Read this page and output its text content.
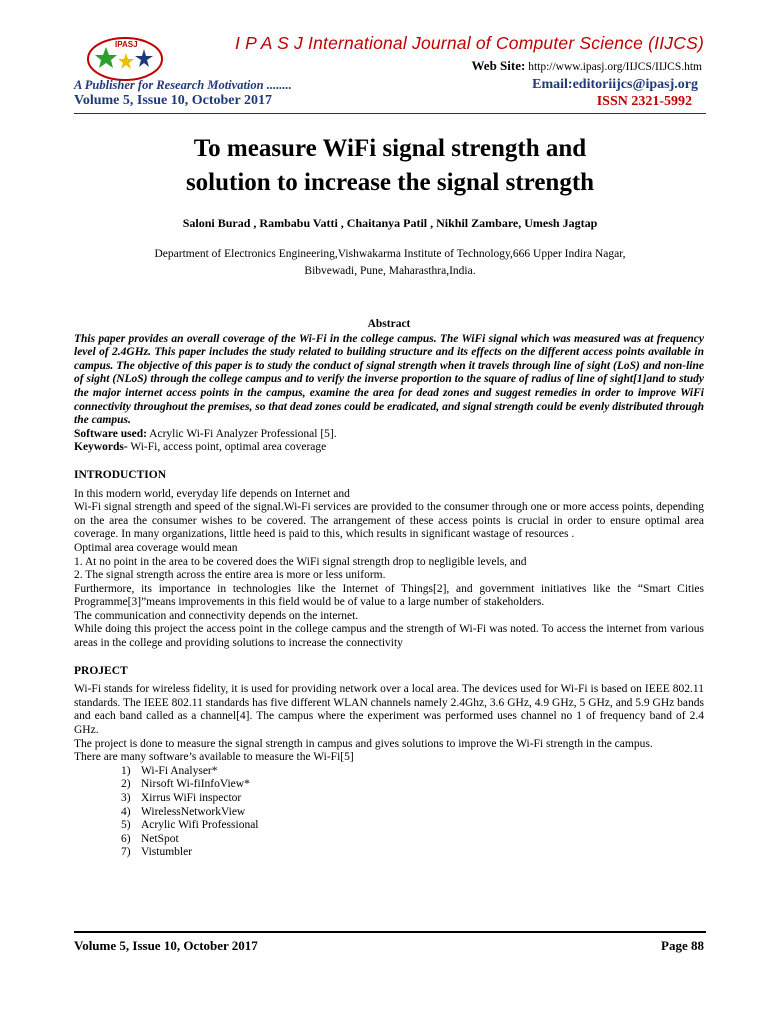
I P A S J International Journal of Computer Science (IIJCS)
IPASJ
Web Site: http://www.ipasj.org/IIJCS/IIJCS.htm
A Publisher for Research Motivation ........	Email:editoriijcs@ipasj.org
Volume 5, Issue 10, October 2017	ISSN 2321-5992
To measure WiFi signal strength and
solution to increase the signal strength
Saloni Burad , Rambabu Vatti , Chaitanya Patil , Nikhil Zambare, Umesh Jagtap
Department of Electronics Engineering,Vishwakarma Institute of Technology,666 Upper Indira Nagar,
Bibvewadi, Pune, Maharasthra,India.

Abstract

This paper provides an overall coverage of the Wi-Fi in the college campus. The WiFi signal which was measured was at frequency level of 2.4GHz. This paper includes the study related to building structure and its effects on the different access points available in campus. The objective of this paper is to study the conduct of signal strength when it travels through line of sight (LoS) and non-line of sight (NLoS) through the college campus and to verify the inverse proportion to the square of radius of line of sight[1]and to study the major internet access points in the campus, examine the area for dead zones and suggest remedies in order to improve WiFi connectivity throughout the premises, so that dead zones could be eradicated, and signal strength could be evenly distributed through the campus.

Software used: Acrylic Wi-Fi Analyzer Professional [5].

Keywords- Wi-Fi, access point, optimal area coverage

INTRODUCTION

In this modern world, everyday life depends on Internet and

Wi-Fi signal strength and speed of the signal.Wi-Fi services are provided to the consumer through one or more access points, depending on the area the consumer wishes to be covered. The arrangement of these access points is crucial in order to ensure optimal area coverage. In many organizations, little heed is paid to this, which results in significant wastage of resources .

Optimal area coverage would mean

1. At no point in the area to be covered does the WiFi signal strength drop to negligible levels, and

2. The signal strength across the entire area is more or less uniform.

Furthermore, its importance in technologies like the Internet of Things[2], and government initiatives like the “Smart Cities Programme[3]”means improvements in this field would be of value to a large number of stakeholders.

The communication and connectivity depends on the internet.

While doing this project the access point in the college campus and the strength of Wi-Fi was noted. To access the internet from various areas in the college and providing solutions to increase the connectivity

PROJECT

Wi-Fi stands for wireless fidelity, it is used for providing network over a local area. The devices used for Wi-Fi is based on IEEE 802.11 standards. The IEEE 802.11 standards has five different WLAN channels namely 2.4Ghz, 3.6 GHz, 4.9 GHz, 5 GHz, and 5.9 GHz bands and each band called as a channel[4]. The campus where the experiment was performed uses channel no 1 of frequency band of 2.4 GHz.

The project is done to measure the signal strength in campus and gives solutions to improve the Wi-Fi strength in the campus.

There are many software’s available to measure the Wi-Fi[5]

1) Wi-Fi Analyser*
2) Nirsoft Wi-fiInfoView*
3) Xirrus WiFi inspector
4) WirelessNetworkView
5) Acrylic Wifi Professional
6) NetSpot
7) Vistumbler
Volume 5, Issue 10, October 2017	Page 88
